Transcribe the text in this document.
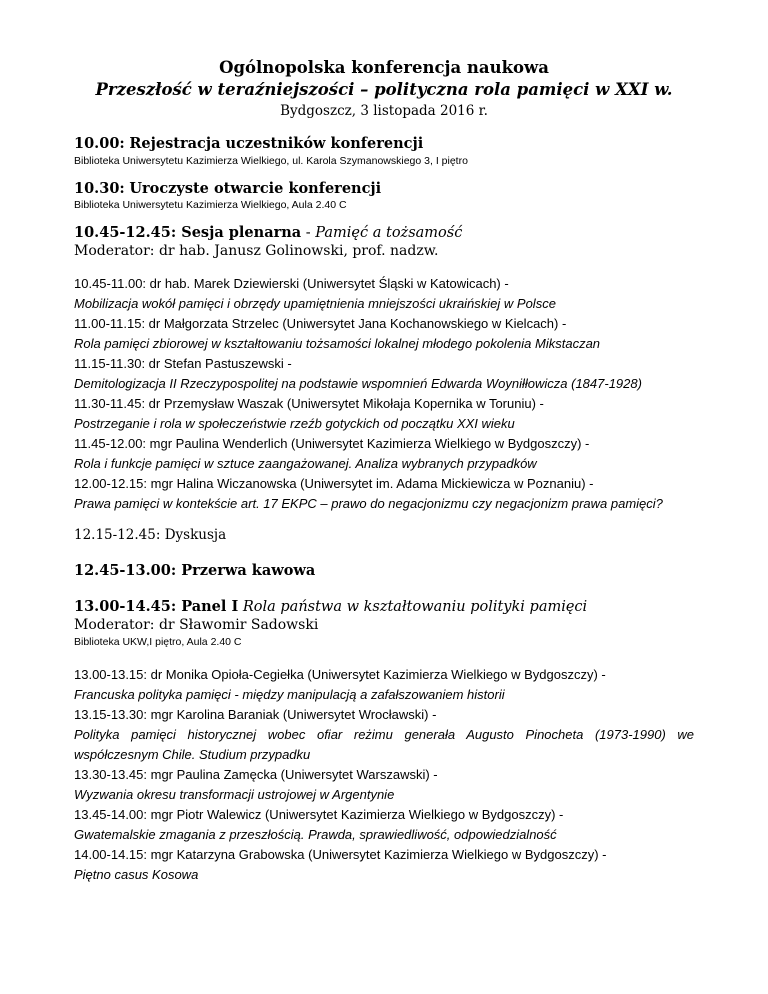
Ogólnopolska konferencja naukowa
Przeszłość w teraźniejszości – polityczna rola pamięci w XXI w.
Bydgoszcz, 3 listopada 2016 r.
10.00: Rejestracja uczestników konferencji
Biblioteka Uniwersytetu Kazimierza Wielkiego, ul. Karola Szymanowskiego 3, I piętro
10.30: Uroczyste otwarcie konferencji
Biblioteka Uniwersytetu Kazimierza Wielkiego, Aula 2.40 C
10.45-12.45: Sesja plenarna - Pamięć a tożsamość
Moderator: dr hab. Janusz Golinowski, prof. nadzw.
10.45-11.00: dr hab. Marek Dziewierski (Uniwersytet Śląski w Katowicach) -
Mobilizacja wokół pamięci i obrzędy upamiętnienia mniejszości ukraińskiej w Polsce
11.00-11.15: dr Małgorzata Strzelec (Uniwersytet Jana Kochanowskiego w Kielcach) -
Rola pamięci zbiorowej w kształtowaniu tożsamości lokalnej młodego pokolenia Mikstaczan
11.15-11.30: dr Stefan Pastuszewski -
Demitologizacja II Rzeczypospolitej na podstawie wspomnień Edwarda Woyniłłowicza (1847-1928)
11.30-11.45: dr Przemysław Waszak (Uniwersytet Mikołaja Kopernika w Toruniu) -
Postrzeganie i rola w społeczeństwie rzeźb gotyckich od początku XXI wieku
11.45-12.00: mgr Paulina Wenderlich (Uniwersytet Kazimierza Wielkiego w Bydgoszczy) -
Rola i funkcje pamięci w sztuce zaangażowanej. Analiza wybranych przypadków
12.00-12.15: mgr Halina Wiczanowska (Uniwersytet im. Adama Mickiewicza w Poznaniu) -
Prawa pamięci w kontekście art. 17 EKPC – prawo do negacjonizmu czy negacjonizm prawa pamięci?
12.15-12.45: Dyskusja
12.45-13.00: Przerwa kawowa
13.00-14.45: Panel I Rola państwa w kształtowaniu polityki pamięci
Moderator: dr Sławomir Sadowski
Biblioteka UKW,I piętro, Aula 2.40 C
13.00-13.15: dr Monika Opioła-Cegiełka (Uniwersytet Kazimierza Wielkiego w Bydgoszczy) -
Francuska polityka pamięci - między manipulacją a zafałszowaniem historii
13.15-13.30: mgr Karolina Baraniak (Uniwersytet Wrocławski) -
Polityka pamięci historycznej wobec ofiar reżimu generała Augusto Pinocheta (1973-1990) we współczesnym Chile. Studium przypadku
13.30-13.45: mgr Paulina Zamęcka (Uniwersytet Warszawski) -
Wyzwania okresu transformacji ustrojowej w Argentynie
13.45-14.00: mgr Piotr Walewicz (Uniwersytet Kazimierza Wielkiego w Bydgoszczy) -
Gwatemalskie zmagania z przeszłością. Prawda, sprawiedliwość, odpowiedzialność
14.00-14.15: mgr Katarzyna Grabowska (Uniwersytet Kazimierza Wielkiego w Bydgoszczy) -
Piętno casus Kosowa
